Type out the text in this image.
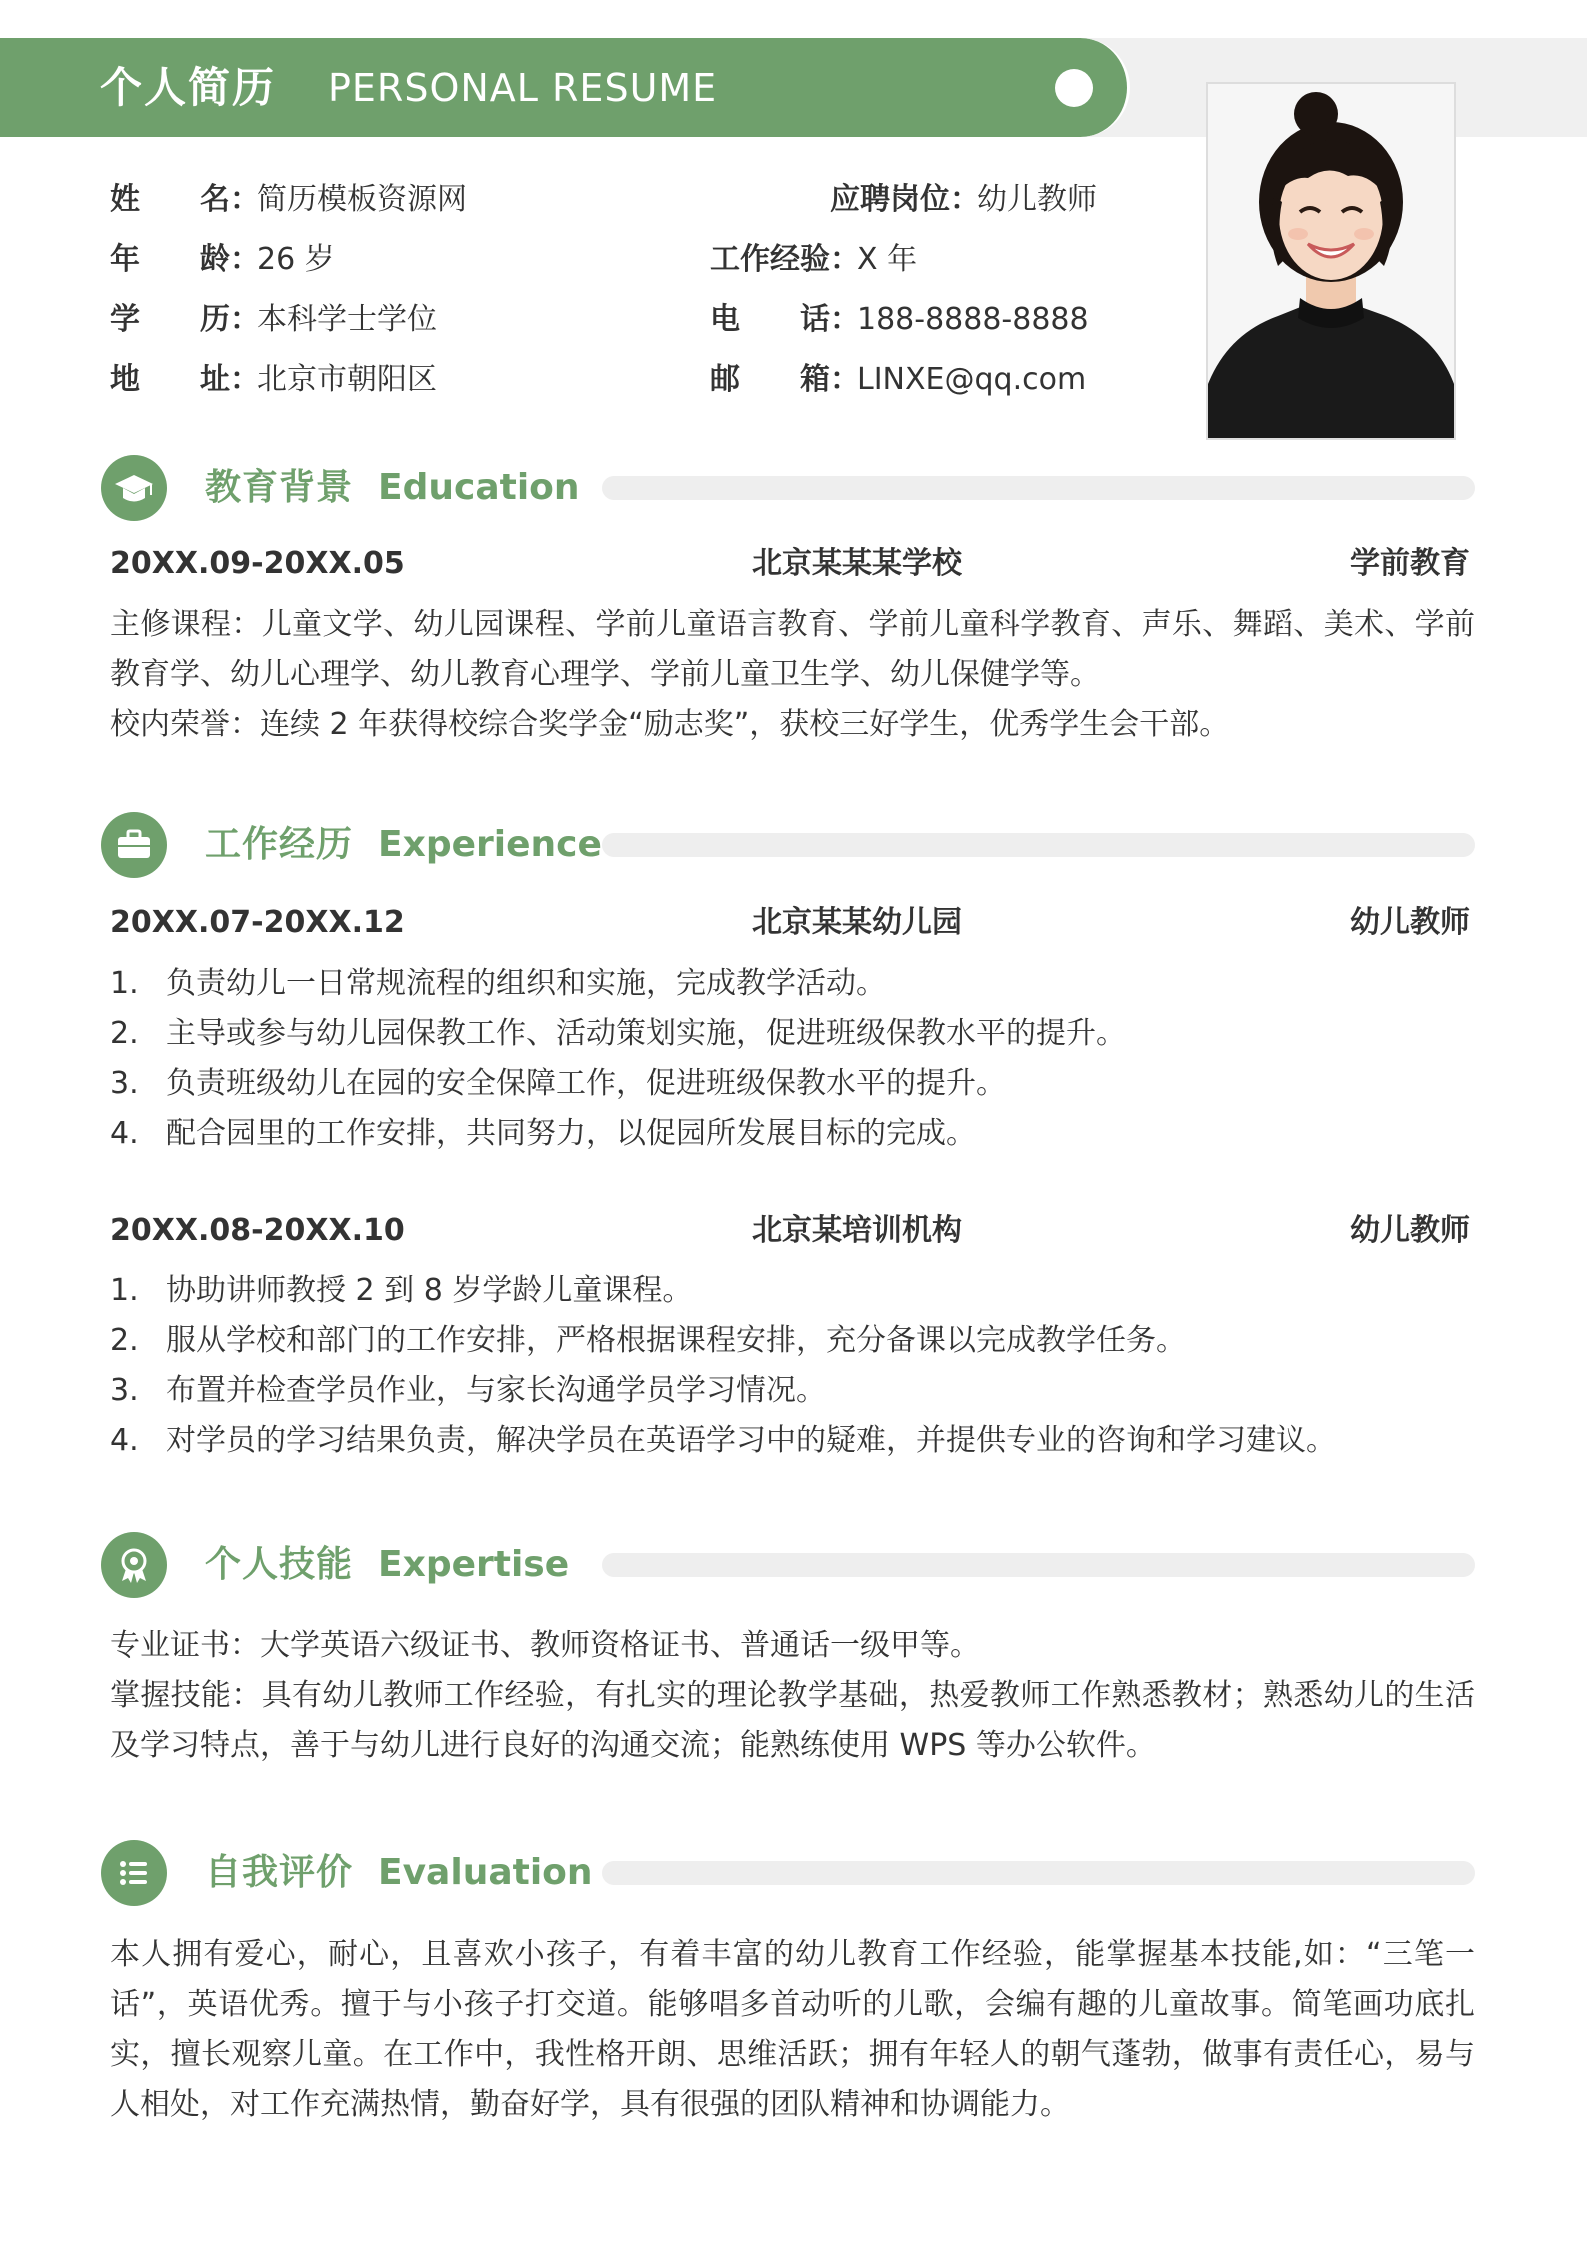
个人简历 PERSONAL RESUME
姓　　名：
简历模板资源网
年　　龄：
26 岁
学　　历：
本科学士学位
地　　址：
北京市朝阳区
应聘岗位：
幼儿教师
工作经验：
X 年
电　　话：
188-8888-8888
邮　　箱：
LINXE@qq.com
教育背景 Education
20XX.09-20XX.05	北京某某某学校	学前教育
主修课程：儿童文学、幼儿园课程、学前儿童语言教育、学前儿童科学教育、声乐、舞蹈、美术、学前教育学、幼儿心理学、幼儿教育心理学、学前儿童卫生学、幼儿保健学等。
校内荣誉：连续 2 年获得校综合奖学金“励志奖”，获校三好学生，优秀学生会干部。
工作经历 Experience
20XX.07-20XX.12	北京某某幼儿园	幼儿教师
1. 负责幼儿一日常规流程的组织和实施，完成教学活动。
2. 主导或参与幼儿园保教工作、活动策划实施，促进班级保教水平的提升。
3. 负责班级幼儿在园的安全保障工作，促进班级保教水平的提升。
4. 配合园里的工作安排，共同努力，以促园所发展目标的完成。
20XX.08-20XX.10	北京某培训机构	幼儿教师
1. 协助讲师教授 2 到 8 岁学龄儿童课程。
2. 服从学校和部门的工作安排，严格根据课程安排，充分备课以完成教学任务。
3. 布置并检查学员作业，与家长沟通学员学习情况。
4. 对学员的学习结果负责，解决学员在英语学习中的疑难，并提供专业的咨询和学习建议。
个人技能 Expertise
专业证书：大学英语六级证书、教师资格证书、普通话一级甲等。
掌握技能：具有幼儿教师工作经验，有扎实的理论教学基础，热爱教师工作熟悉教材；熟悉幼儿的生活及学习特点，善于与幼儿进行良好的沟通交流；能熟练使用 WPS 等办公软件。
自我评价 Evaluation
本人拥有爱心，耐心，且喜欢小孩子，有着丰富的幼儿教育工作经验，能掌握基本技能,如：“三笔一话”，英语优秀。擅于与小孩子打交道。能够唱多首动听的儿歌，会编有趣的儿童故事。简笔画功底扎实，擅长观察儿童。在工作中，我性格开朗、思维活跃；拥有年轻人的朝气蓬勃，做事有责任心，易与人相处，对工作充满热情，勤奋好学，具有很强的团队精神和协调能力。
